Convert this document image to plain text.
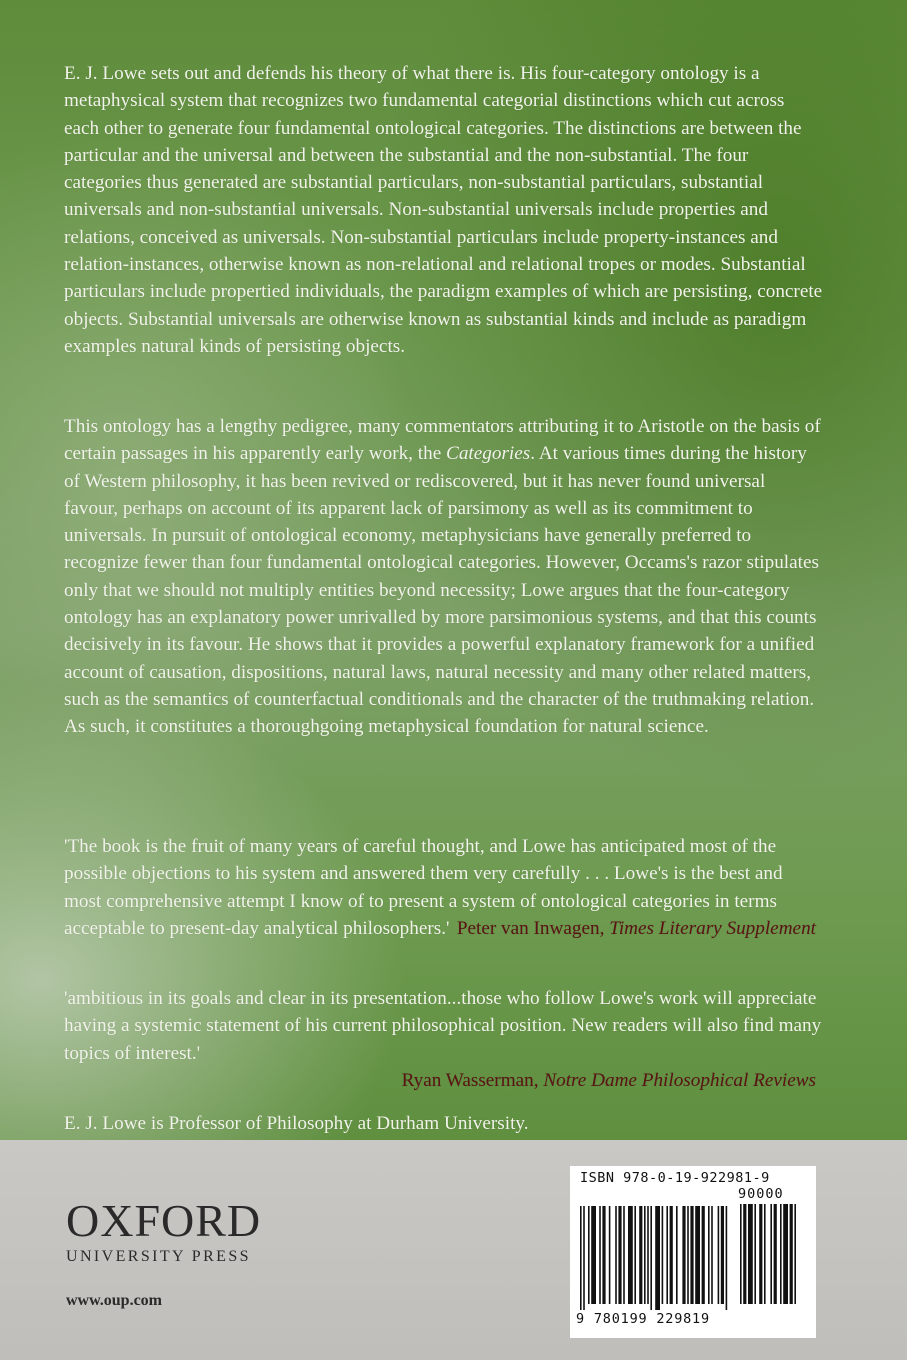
E. J. Lowe sets out and defends his theory of what there is. His four-category ontology is a metaphysical system that recognizes two fundamental categorial distinctions which cut across each other to generate four fundamental ontological categories. The distinctions are between the particular and the universal and between the substantial and the non-substantial. The four categories thus generated are substantial particulars, non-substantial particulars, substantial universals and non-substantial universals. Non-substantial universals include properties and relations, conceived as universals. Non-substantial particulars include property-instances and relation-instances, otherwise known as non-relational and relational tropes or modes. Substantial particulars include propertied individuals, the paradigm examples of which are persisting, concrete objects. Substantial universals are otherwise known as substantial kinds and include as paradigm examples natural kinds of persisting objects.
This ontology has a lengthy pedigree, many commentators attributing it to Aristotle on the basis of certain passages in his apparently early work, the Categories. At various times during the history of Western philosophy, it has been revived or rediscovered, but it has never found universal favour, perhaps on account of its apparent lack of parsimony as well as its commitment to universals. In pursuit of ontological economy, metaphysicians have generally preferred to recognize fewer than four fundamental ontological categories. However, Occams's razor stipulates only that we should not multiply entities beyond necessity; Lowe argues that the four-category ontology has an explanatory power unrivalled by more parsimonious systems, and that this counts decisively in its favour. He shows that it provides a powerful explanatory framework for a unified account of causation, dispositions, natural laws, natural necessity and many other related matters, such as the semantics of counterfactual conditionals and the character of the truthmaking relation. As such, it constitutes a thoroughgoing metaphysical foundation for natural science.
'The book is the fruit of many years of careful thought, and Lowe has anticipated most of the possible objections to his system and answered them very carefully . . . Lowe's is the best and most comprehensive attempt I know of to present a system of ontological categories in terms acceptable to present-day analytical philosophers.' Peter van Inwagen, Times Literary Supplement
'ambitious in its goals and clear in its presentation...those who follow Lowe's work will appreciate having a systemic statement of his current philosophical position. New readers will also find many topics of interest.'
Ryan Wasserman, Notre Dame Philosophical Reviews
E. J. Lowe is Professor of Philosophy at Durham University.
OXFORD
UNIVERSITY PRESS
www.oup.com
ISBN 978-0-19-922981-9
90000
9 780199 229819
